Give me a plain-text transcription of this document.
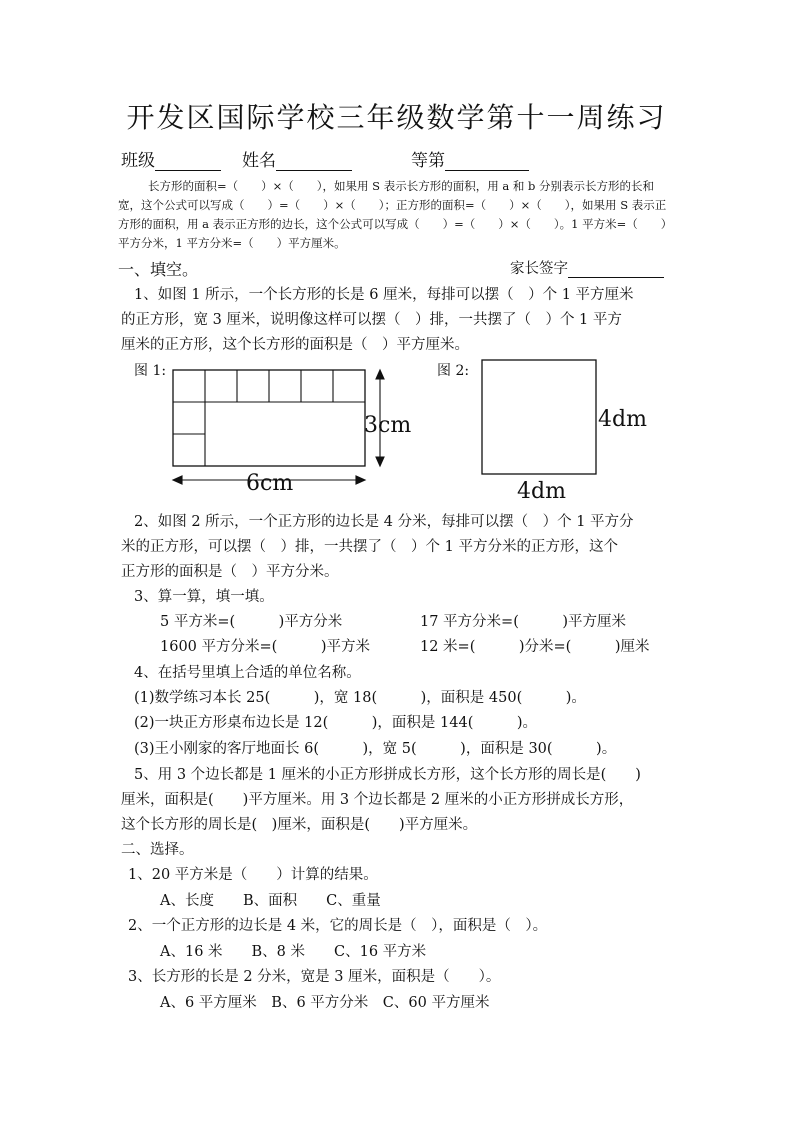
开发区国际学校三年级数学第十一周练习
班级	姓名	等第

长方形的面积=（　　）×（　　），如果用 S 表示长方形的面积，用 a 和 b 分别表示长方形的长和宽，这个公式可以写成（　　）=（　　）×（　　）；正方形的面积=（　　）×（　　），如果用 S 表示正方形的面积，用 a 表示正方形的边长，这个公式可以写成（　　）=（　　）×（　　）。1 平方米=（　　）平方分米，1 平方分米=（　　）平方厘米。

一、填空。	家长签字
1、如图 1 所示，一个长方形的长是 6 厘米，每排可以摆（　）个 1 平方厘米
的正方形，宽 3 厘米，说明像这样可以摆（　）排，一共摆了（　）个 1 平方
厘米的正方形，这个长方形的面积是（　）平方厘米。
图 1:	图 2:
3cm
6cm
4dm
4dm
2、如图 2 所示，一个正方形的边长是 4 分米，每排可以摆（　）个 1 平方分
米的正方形，可以摆（　）排，一共摆了（　）个 1 平方分米的正方形，这个
正方形的面积是（　）平方分米。
3、算一算，填一填。
5 平方米=(　　　)平方分米	17 平方分米=(　　　)平方厘米
1600 平方分米=(　　　)平方米	12 米=(　　　)分米=(　　　)厘米
4、在括号里填上合适的单位名称。
(1)数学练习本长 25(　　　)，宽 18(　　　)，面积是 450(　　　)。
(2)一块正方形桌布边长是 12(　　　)，面积是 144(　　　)。
(3)王小刚家的客厅地面长 6(　　　)，宽 5(　　　)，面积是 30(　　　)。
5、用 3 个边长都是 1 厘米的小正方形拼成长方形，这个长方形的周长是(　　)
厘米，面积是(　　)平方厘米。用 3 个边长都是 2 厘米的小正方形拼成长方形，
这个长方形的周长是(　)厘米，面积是(　　)平方厘米。
二、选择。
1、20 平方米是（　　）计算的结果。
A、长度　　B、面积　　C、重量
2、一个正方形的边长是 4 米，它的周长是（　），面积是（　）。
A、16 米　　B、8 米　　C、16 平方米
3、长方形的长是 2 分米，宽是 3 厘米，面积是（　　）。
A、6 平方厘米　B、6 平方分米　C、60 平方厘米
